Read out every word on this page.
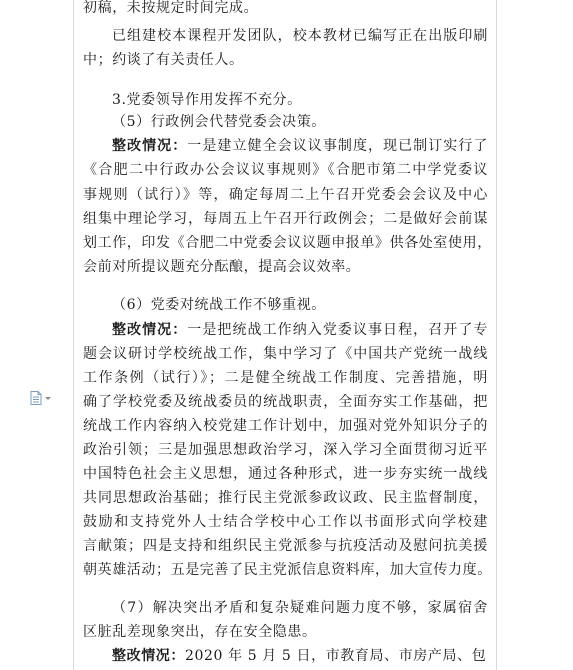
初稿，未按规定时间完成。
已组建校本课程开发团队，校本教材已编写正在出版印刷
中；约谈了有关责任人。
3.党委领导作用发挥不充分。
（5）行政例会代替党委会决策。
整改情况：一是建立健全会议议事制度，现已制订实行了
《合肥二中行政办公会议议事规则》《合肥市第二中学党委议
事规则（试行）》等，确定每周二上午召开党委会会议及中心
组集中理论学习，每周五上午召开行政例会；二是做好会前谋
划工作，印发《合肥二中党委会议议题申报单》供各处室使用，
会前对所提议题充分酝酿，提高会议效率。
（6）党委对统战工作不够重视。
整改情况：一是把统战工作纳入党委议事日程，召开了专
题会议研讨学校统战工作，集中学习了《中国共产党统一战线
工作条例（试行）》；二是健全统战工作制度、完善措施，明
确了学校党委及统战委员的统战职责，全面夯实工作基础，把
统战工作内容纳入校党建工作计划中，加强对党外知识分子的
政治引领；三是加强思想政治学习，深入学习全面贯彻习近平
中国特色社会主义思想，通过各种形式，进一步夯实统一战线
共同思想政治基础；推行民主党派参政议政、民主监督制度，
鼓励和支持党外人士结合学校中心工作以书面形式向学校建
言献策；四是支持和组织民主党派参与抗疫活动及慰问抗美援
朝英雄活动；五是完善了民主党派信息资料库，加大宣传力度。
（7）解决突出矛盾和复杂疑难问题力度不够，家属宿舍
区脏乱差现象突出，存在安全隐患。
整改情况：2020 年 5 月 5 日，市教育局、市房产局、包
